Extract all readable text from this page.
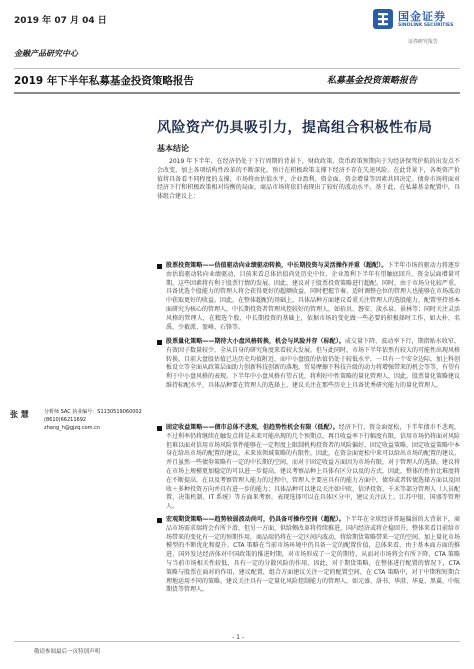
2019 年 07 月 04 日
金融产品研究中心
国金证券
SINOLINK SECURITIES
证券研究报告
2019 年下半年私募基金投资策略报告	私募基金投资策略报告
风险资产仍具吸引力，提高组合积极性布局
基本结论
2019 年下半年，在经济仍处于下行周期的背景下，财政政策、货币政策预期向于为经济保驾护航的出发点不会改变，加上各项结构性改革的不断深化，预计在积极政策支撑下经济不存在失速风险。在此背景下，各类资产价值将具备看不同程度的支撑，市场将由估值水平、企业盈利、资金面、资金增量等因素共同决定。债券市场将面对经济下行和积极政策相对均衡的局面，商品市场将依旧表现出了较好的波动水平。基于此，在私募基金配置中，具体组合建议上：
股票投资策略——估值驱动向业绩驱动转换，中长期投资与灵活操作并重（超配）。下半年市场的驱动力将逐步由估值驱动转向业绩驱动，目前来看总体估值尚处历史中位，企业盈利下半年有望触底回升，资金层面增量可期，这些因素将有利于股票行情的发展。因此，建议对于股票投资策略进行超配。同时，由于市场分化较严重，具备优选个股能力的管理人将会获得更好的超额收益，同时把握节奏、适时调整仓位的管理人也能够在市场波动中获取更好的收益。因此，在整体超配的基础上，具体品种方面建议看重关注管理人的选股能力，配置坚持基本面研究为核心的管理人，中长期投资者管理风控较好的管理人，如拾贝、磐安、淡水泉、景林等；同时关注灵活风格的管理人，在精选个股、中长期投资的基础上，依据市场的变化做一些必要的积极择时工作，如大朴、名禹、少薮派、盈峰、石锋等。
股票量化策略——期待大小盘风格转换，机会与风险并存（标配）。成交量下降，波动率下行，期指贴水收窄，有效因子数量较少，全从自身的研究角度来看较大发展，但与此同时，市场下半年依然有较大的可能性出现风格转换，目前大盘股估值已达历史均值附近，而中小盘股的估值仍处于较低水平，一旦有一个安全边际，加上科创板设立等全面从政策层面助力创新科技创新的落地，贸易摩擦下科技升级的动力将增强带来的机会等等，有望有利于中小盘风格的表现。下半年中小盘风格有望占优，将利好中性策略的量化管理人，因此，股票量化策略建议维持标配水平，具体品种要在管理人的选择上，建议关注在那些历史上具备优秀研究能力的量化管理人。
固定收益策略——债市总体不悲观，但趋势性机会有限（低配）。经济下行、资金面宽松，下半年债市不悲观，不过利率仍将继续在触发点将是未来可能出现的几个预期点，再且收益率下行幅度有限，信用市场仍将面对风险但难以面对信用市场风险事件能够在一定程度上限制机构投资者的风险偏好，固定收益策略，固定收益策略中本身在给出市场的配置的建议，未来该领域策略的有限性，因此，在资金面宽松中来可以给出市场的配置的建议。并且虽然一些债券策略有一定的中长期的空间，而对于固定收益方面因为市场有限，对于管理人的选择，建议将在市场上规模更加稳定的可以进一步提高，建议考察品种上具体有区分以及的方式，因此，整体的性价比难度将在不断提高，在以及考察管理人能力的过程中，管理人主要应具有的能力方面中，债券或者转债选择方面以及固收＋多种投资方向并具有进一步的能力；具体品种可以建议关注如中欧、信泽投资、千禾等部分管理人（人员配置、决策机制、IT 系统）等方面来考察。表现选择可以在具体区分中，建议关注沃土、江苏中银、国盛等管理人。
宏观期货策略——趋势较弱波动尚可，仍具备可操作空间（超配）。下半年在全球经济普遍偏弱的大背景下，商品市场需求端将会有所下滑，但另一方面，供给侧改革将持续推进，国内经济或将企稳回升，整体来看目前给市场带来的变化有一定的预期作用，商品端仍将在一定区间内波动，将给期货策略带来一定的空间，加上量化市场模型的不断优化和提升，CTA 策略在当前市场环境中仍具备一定的配置价值，总体来看，由于基本面方面的推进，国外发达经济体对中国政策的推进时期，对市场形成了一定的期待，从而对市场将会有所下降，CTA 策略与当前市场相关性较低，具有一定的分散风险的作用，因此，对于期货策略，在整体进行配置的情况下，CTA 策略与股票在面对的作用，建议配置，组合方面建议关注一定的配置空间，在 CTA 策略中，对于中期和短期合理地运用不同的策略，建议关注具有一定量化风险控制能力的管理人，如元盛、洛书、华澄、华夏、黑翼、中航期货等管理人。
张 慧	分析师 SAC 执业编号：S1130519060002
(8610)66211692
zhang_h@gjzq.com.cn
- 1 -
敬请参阅最后一页特别声明
